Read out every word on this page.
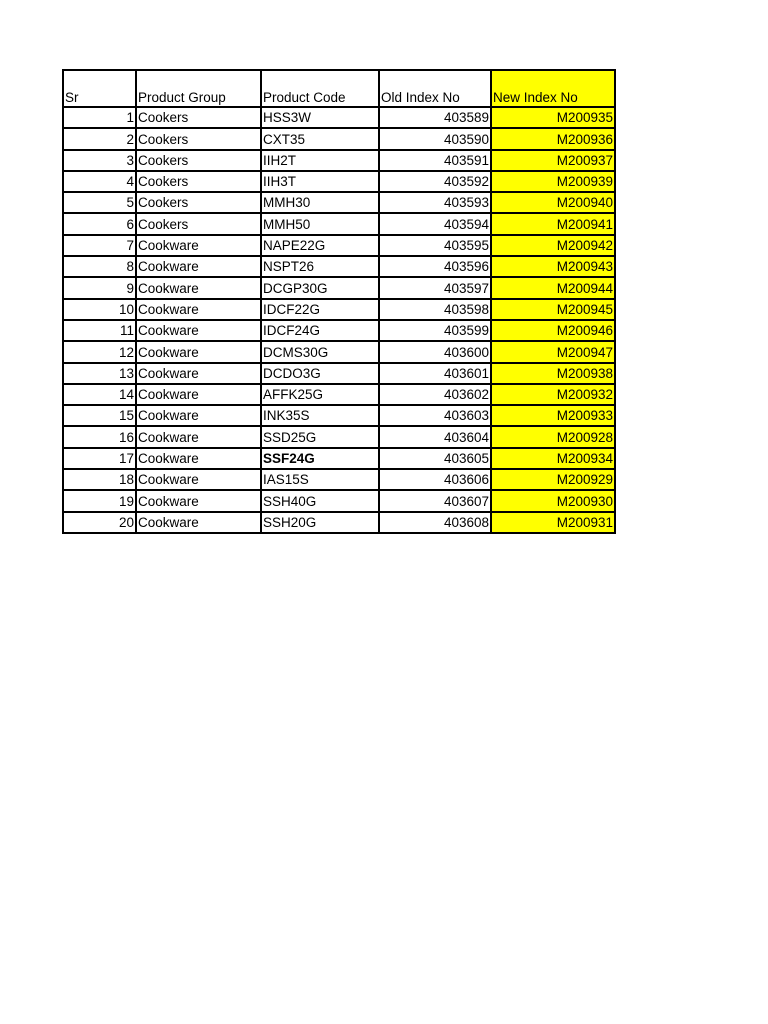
Sr	Product Group	Product Code	Old Index No	New Index No
1	Cookers	HSS3W	403589	M200935
2	Cookers	CXT35	403590	M200936
3	Cookers	IIH2T	403591	M200937
4	Cookers	IIH3T	403592	M200939
5	Cookers	MMH30	403593	M200940
6	Cookers	MMH50	403594	M200941
7	Cookware	NAPE22G	403595	M200942
8	Cookware	NSPT26	403596	M200943
9	Cookware	DCGP30G	403597	M200944
10	Cookware	IDCF22G	403598	M200945
11	Cookware	IDCF24G	403599	M200946
12	Cookware	DCMS30G	403600	M200947
13	Cookware	DCDO3G	403601	M200938
14	Cookware	AFFK25G	403602	M200932
15	Cookware	INK35S	403603	M200933
16	Cookware	SSD25G	403604	M200928
17	Cookware	SSF24G	403605	M200934
18	Cookware	IAS15S	403606	M200929
19	Cookware	SSH40G	403607	M200930
20	Cookware	SSH20G	403608	M200931
